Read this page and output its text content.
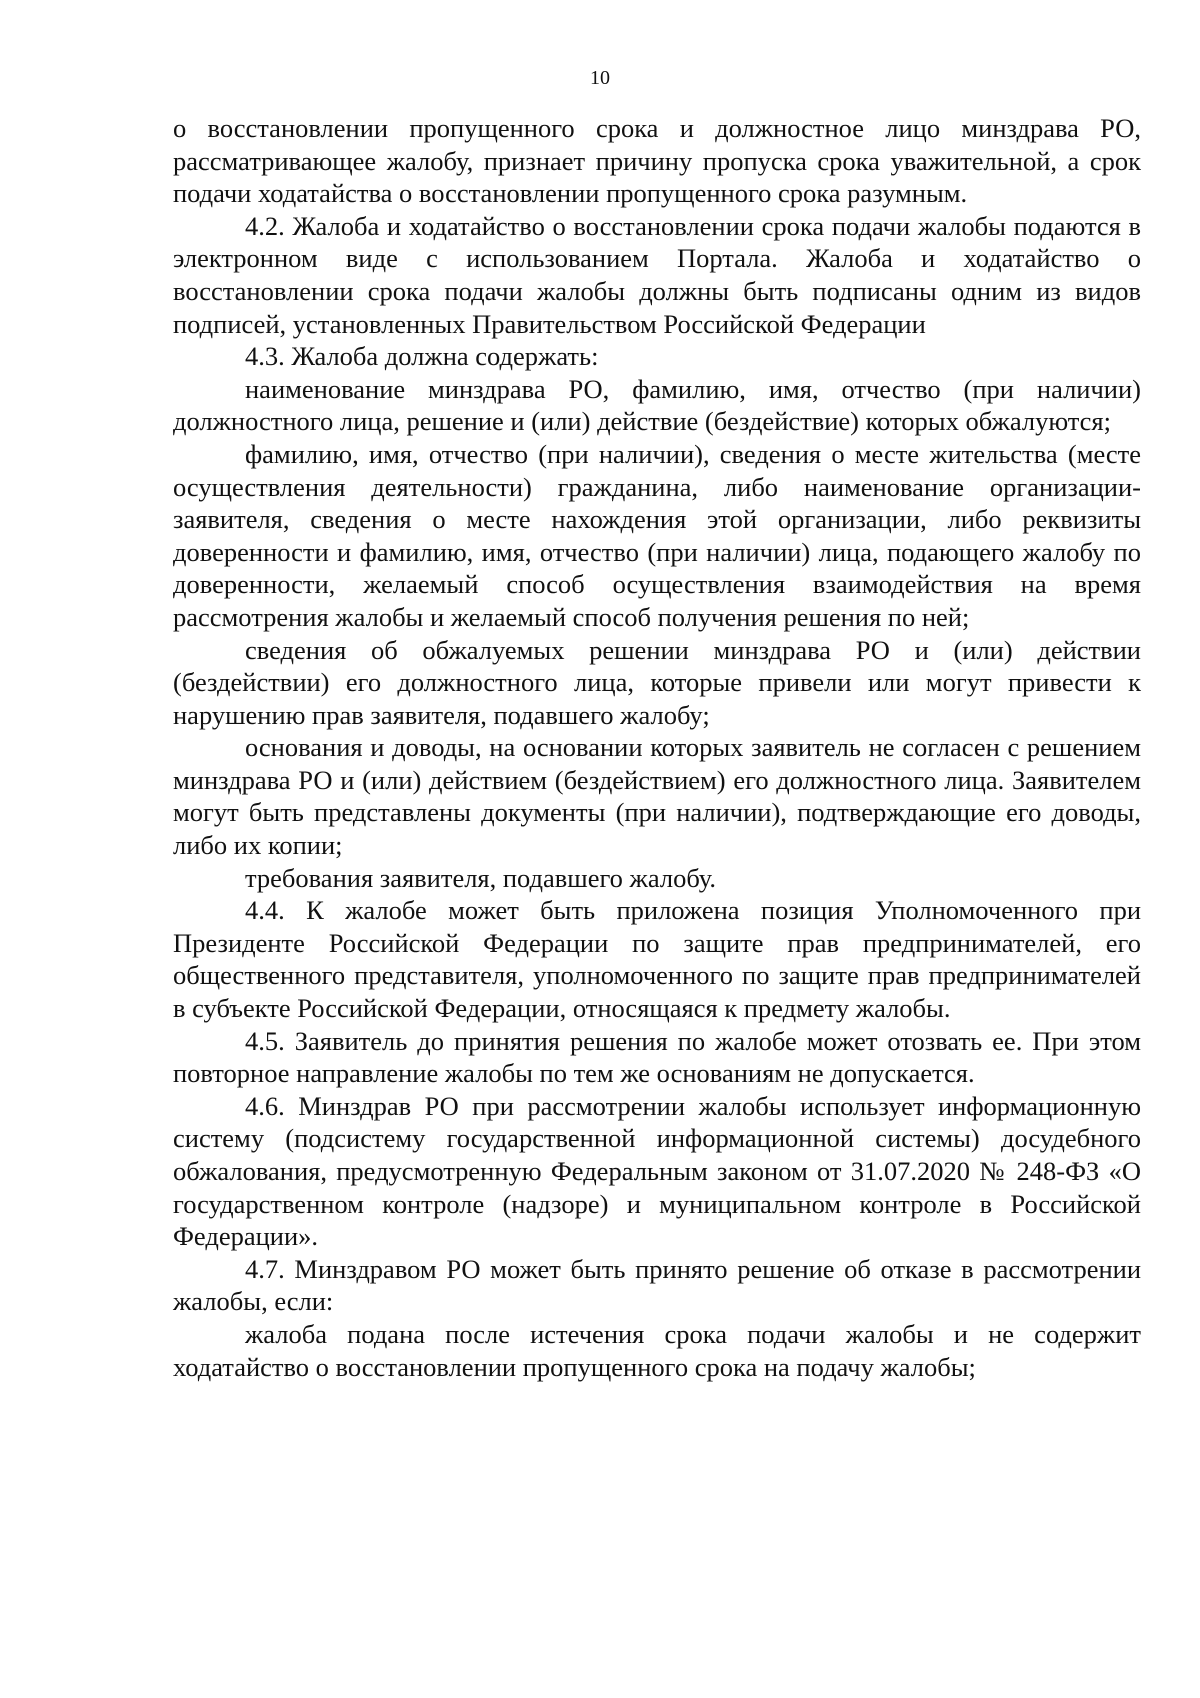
10

о восстановлении пропущенного срока и должностное лицо минздрава РО, рассматривающее жалобу, признает причину пропуска срока уважительной, а срок подачи ходатайства о восстановлении пропущенного срока разумным.

4.2. Жалоба и ходатайство о восстановлении срока подачи жалобы подаются в электронном виде с использованием Портала. Жалоба и ходатайство о восстановлении срока подачи жалобы должны быть подписаны одним из видов подписей, установленных Правительством Российской Федерации

4.3. Жалоба должна содержать:

наименование минздрава РО, фамилию, имя, отчество (при наличии) должностного лица, решение и (или) действие (бездействие) которых обжалуются;

фамилию, имя, отчество (при наличии), сведения о месте жительства (месте осуществления деятельности) гражданина, либо наименование организации-заявителя, сведения о месте нахождения этой организации, либо реквизиты доверенности и фамилию, имя, отчество (при наличии) лица, подающего жалобу по доверенности, желаемый способ осуществления взаимодействия на время рассмотрения жалобы и желаемый способ получения решения по ней;

сведения об обжалуемых решении минздрава РО и (или) действии (бездействии) его должностного лица, которые привели или могут привести к нарушению прав заявителя, подавшего жалобу;

основания и доводы, на основании которых заявитель не согласен с решением минздрава РО и (или) действием (бездействием) его должностного лица. Заявителем могут быть представлены документы (при наличии), подтверждающие его доводы, либо их копии;

требования заявителя, подавшего жалобу.

4.4. К жалобе может быть приложена позиция Уполномоченного при Президенте Российской Федерации по защите прав предпринимателей, его общественного представителя, уполномоченного по защите прав предпринимателей в субъекте Российской Федерации, относящаяся к предмету жалобы.

4.5. Заявитель до принятия решения по жалобе может отозвать ее. При этом повторное направление жалобы по тем же основаниям не допускается.

4.6. Минздрав РО при рассмотрении жалобы использует информационную систему (подсистему государственной информационной системы) досудебного обжалования, предусмотренную Федеральным законом от 31.07.2020 № 248-ФЗ «О государственном контроле (надзоре) и муниципальном контроле в Российской Федерации».

4.7. Минздравом РО может быть принято решение об отказе в рассмотрении жалобы, если:

жалоба подана после истечения срока подачи жалобы и не содержит ходатайство о восстановлении пропущенного срока на подачу жалобы;
